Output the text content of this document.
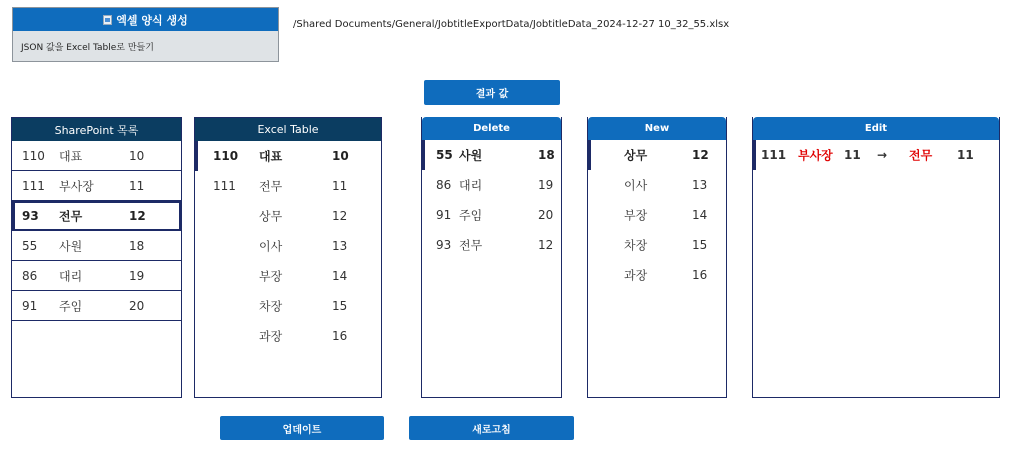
엑셀 양식 생성
JSON 값을 Excel Table로 만들기
/Shared Documents/General/JobtitleExportData/JobtitleData_2024-12-27 10_32_55.xlsx
결과 값
SharePoint 목록
110 대표	10
111 부사장	11
93 전무	12
55 사원	18
86 대리	19
91 주임	20
Excel Table
110 대표	10
111 전무	11
상무	12
이사	13
부장	14
차장	15
과장	16
Delete
55 사원	18
86 대리	19
91 주임	20
93 전무	12
New
상무	12
이사	13
부장	14
차장	15
과장	16
Edit
111 부사장 11 → 전무 11
업데이트	새로고침
